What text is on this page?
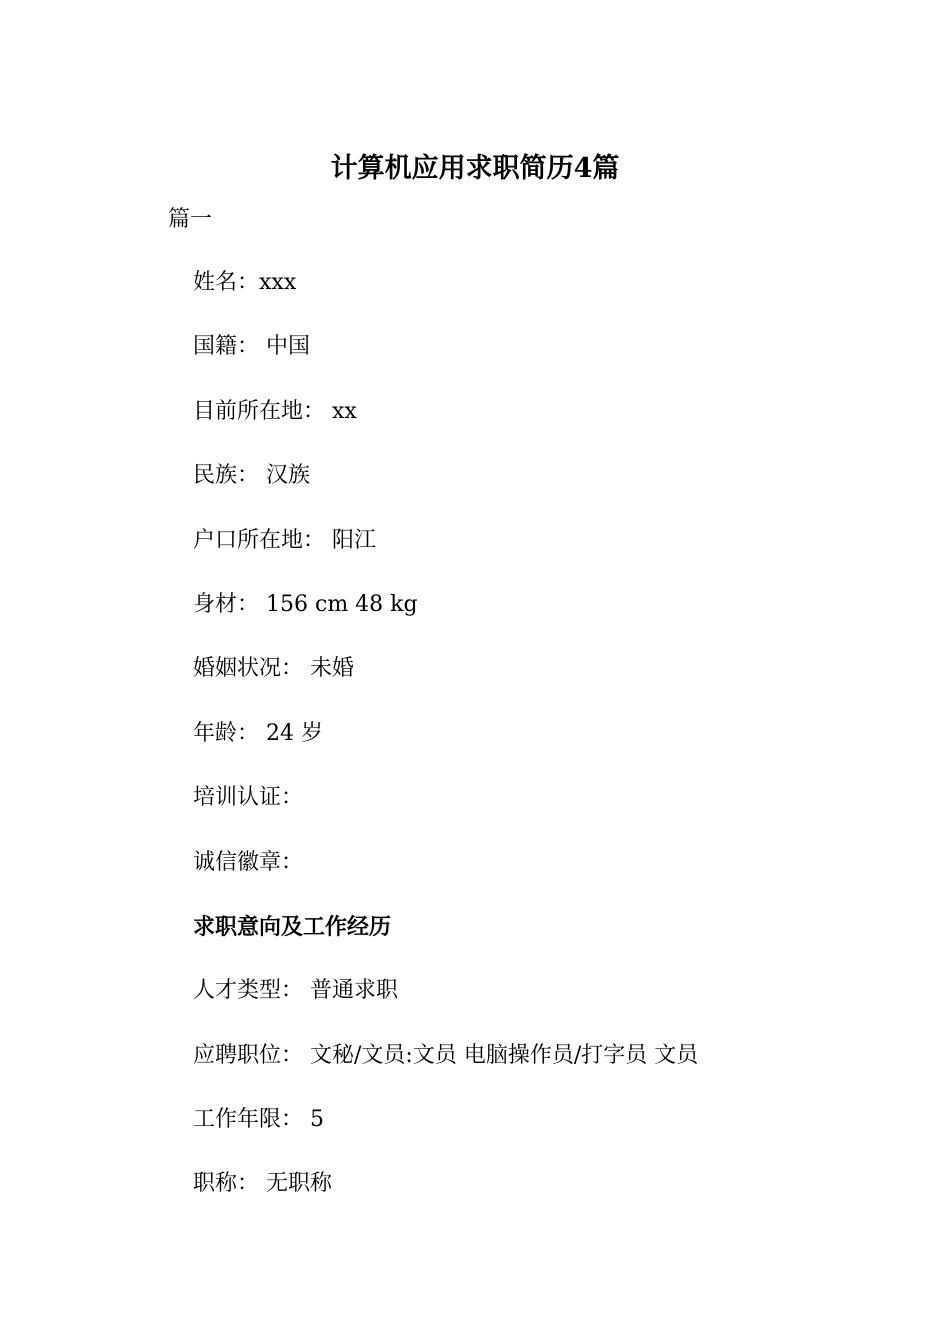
计算机应用求职简历4篇
篇一
姓名：xxx
国籍： 中国
目前所在地： xx
民族： 汉族
户口所在地： 阳江
身材： 156 cm 48 kg
婚姻状况： 未婚
年龄： 24 岁
培训认证：
诚信徽章：
求职意向及工作经历
人才类型： 普通求职
应聘职位： 文秘/文员:文员 电脑操作员/打字员 文员
工作年限： 5
职称： 无职称
